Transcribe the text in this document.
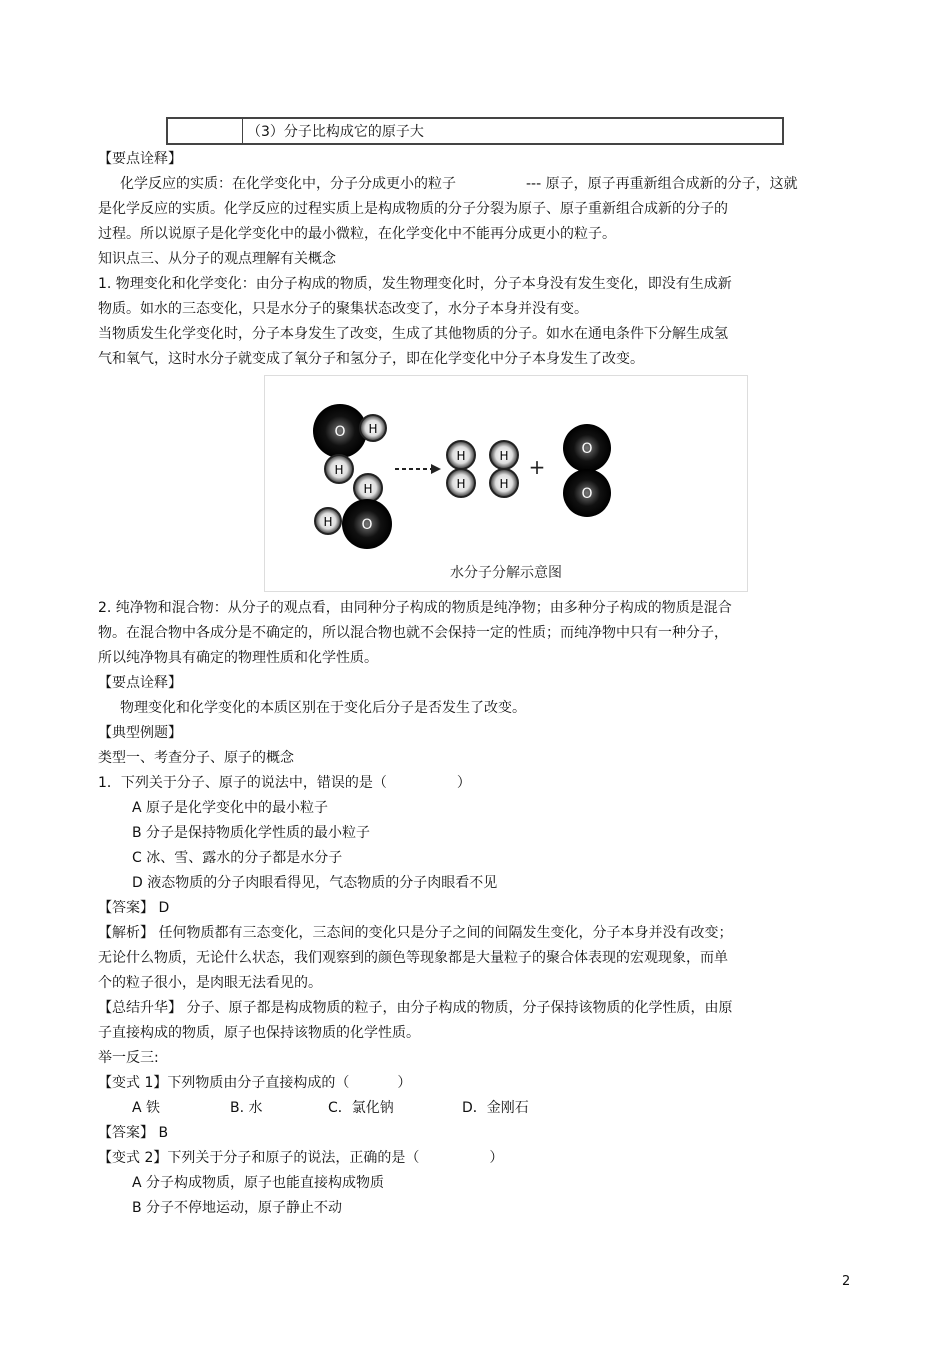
	（3）分子比构成它的原子大
【要点诠释】
化学反应的实质：在化学变化中，分子分成更小的粒子	--- 原子，原子再重新组合成新的分子，这就
是化学反应的实质。化学反应的过程实质上是构成物质的分子分裂为原子、原子重新组合成新的分子的
过程。所以说原子是化学变化中的最小微粒，在化学变化中不能再分成更小的粒子。
知识点三、从分子的观点理解有关概念
1. 物理变化和化学变化：由分子构成的物质，发生物理变化时，分子本身没有发生变化，即没有生成新
物质。如水的三态变化，只是水分子的聚集状态改变了，水分子本身并没有变。
当物质发生化学变化时，分子本身发生了改变，生成了其他物质的分子。如水在通电条件下分解生成氢
气和氧气，这时水分子就变成了氧分子和氢分子，即在化学变化中分子本身发生了改变。
O H
H
H
H O
H
H
H
H
+
O
O
水分子分解示意图
2. 纯净物和混合物：从分子的观点看，由同种分子构成的物质是纯净物；由多种分子构成的物质是混合
物。在混合物中各成分是不确定的，所以混合物也就不会保持一定的性质；而纯净物中只有一种分子，
所以纯净物具有确定的物理性质和化学性质。
【要点诠释】
物理变化和化学变化的本质区别在于变化后分子是否发生了改变。
【典型例题】
类型一、考查分子、原子的概念
1．下列关于分子、原子的说法中，错误的是（	）
A 原子是化学变化中的最小粒子
B 分子是保持物质化学性质的最小粒子
C 冰、雪、露水的分子都是水分子
D 液态物质的分子肉眼看得见，气态物质的分子肉眼看不见
【答案】 D
【解析】 任何物质都有三态变化，三态间的变化只是分子之间的间隔发生变化，分子本身并没有改变；
无论什么物质，无论什么状态，我们观察到的颜色等现象都是大量粒子的聚合体表现的宏观现象，而单
个的粒子很小，是肉眼无法看见的。
【总结升华】 分子、原子都是构成物质的粒子，由分子构成的物质，分子保持该物质的化学性质，由原
子直接构成的物质，原子也保持该物质的化学性质。
举一反三:
【变式 1】下列物质由分子直接构成的（	）
A 铁	B. 水	C．氯化钠	D．金刚石
【答案】 B
【变式 2】下列关于分子和原子的说法，正确的是（	）
A 分子构成物质，原子也能直接构成物质
B 分子不停地运动，原子静止不动
2
